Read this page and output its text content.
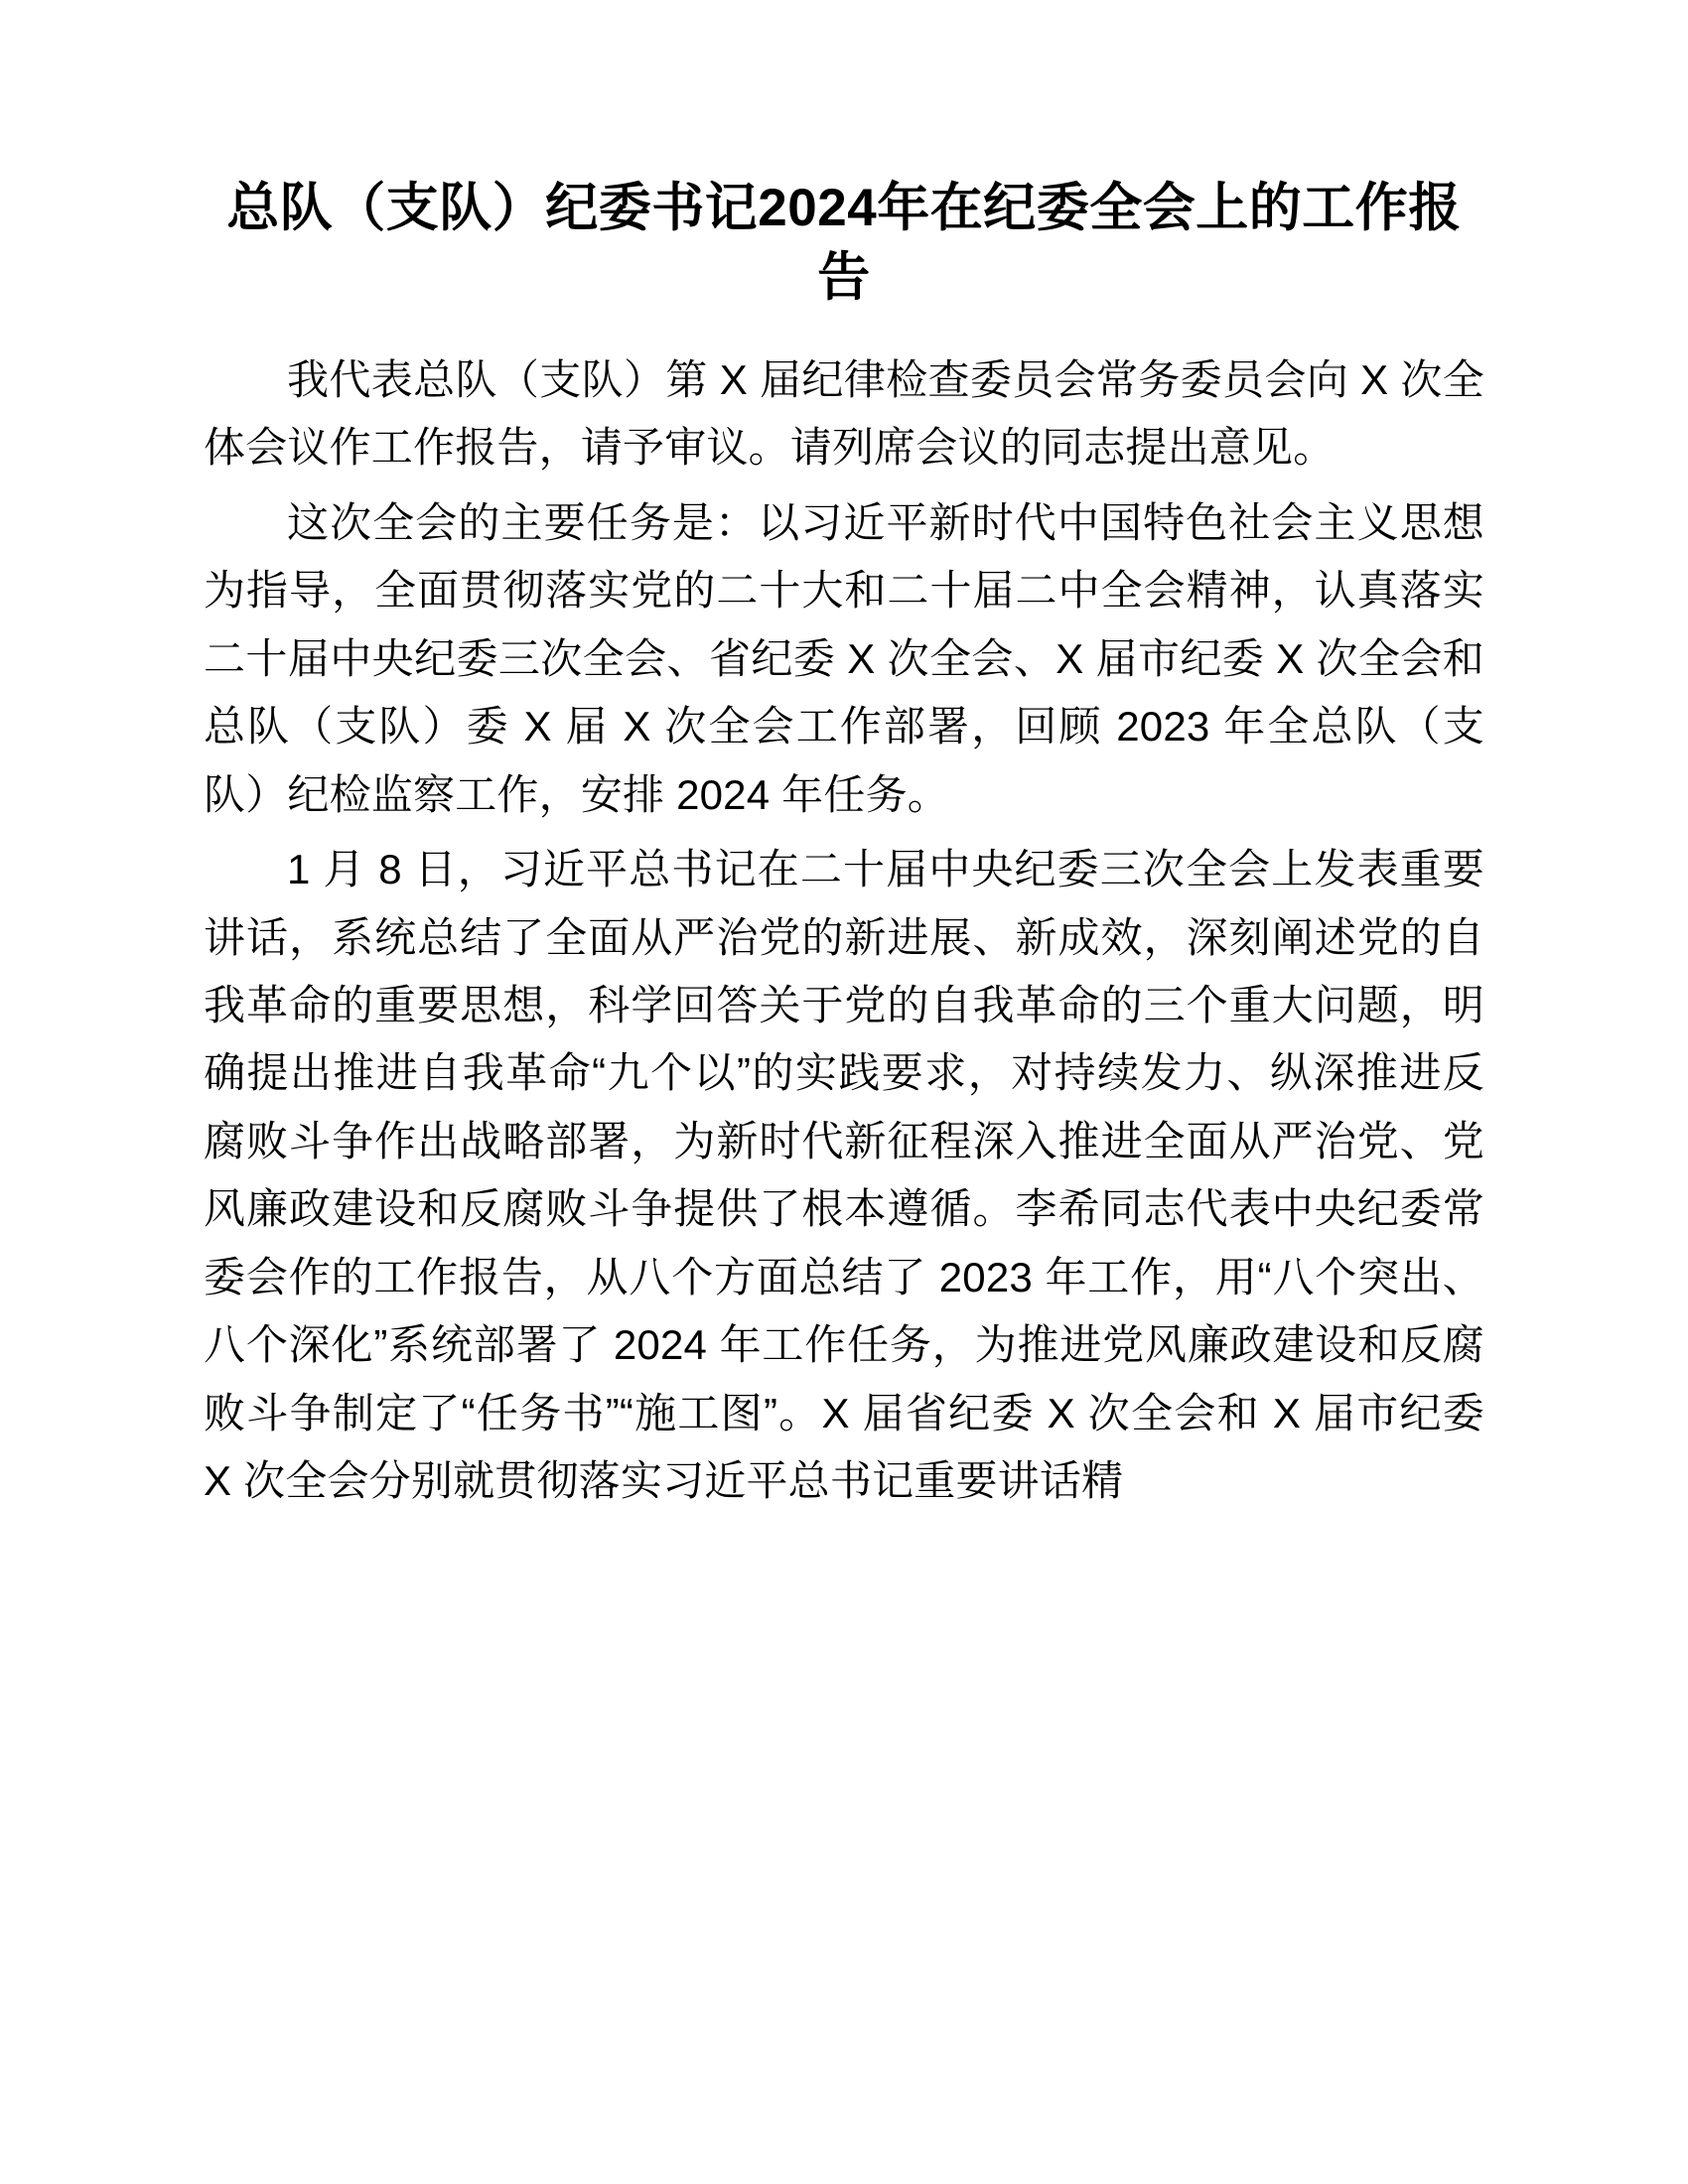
总队（支队）纪委书记2024年在纪委全会上的工作报告

我代表总队（支队）第 X 届纪律检查委员会常务委员会向 X 次全体会议作工作报告，请予审议。请列席会议的同志提出意见。

这次全会的主要任务是：以习近平新时代中国特色社会主义思想为指导，全面贯彻落实党的二十大和二十届二中全会精神，认真落实二十届中央纪委三次全会、省纪委 X 次全会、X 届市纪委 X 次全会和总队（支队）委 X 届 X 次全会工作部署，回顾 2023 年全总队（支队）纪检监察工作，安排 2024 年任务。

1 月 8 日，习近平总书记在二十届中央纪委三次全会上发表重要讲话，系统总结了全面从严治党的新进展、新成效，深刻阐述党的自我革命的重要思想，科学回答关于党的自我革命的三个重大问题，明确提出推进自我革命“九个以”的实践要求，对持续发力、纵深推进反腐败斗争作出战略部署，为新时代新征程深入推进全面从严治党、党风廉政建设和反腐败斗争提供了根本遵循。李希同志代表中央纪委常委会作的工作报告，从八个方面总结了 2023 年工作，用“八个突出、八个深化”系统部署了 2024 年工作任务，为推进党风廉政建设和反腐败斗争制定了“任务书”“施工图”。X 届省纪委 X 次全会和 X 届市纪委 X 次全会分别就贯彻落实习近平总书记重要讲话精
